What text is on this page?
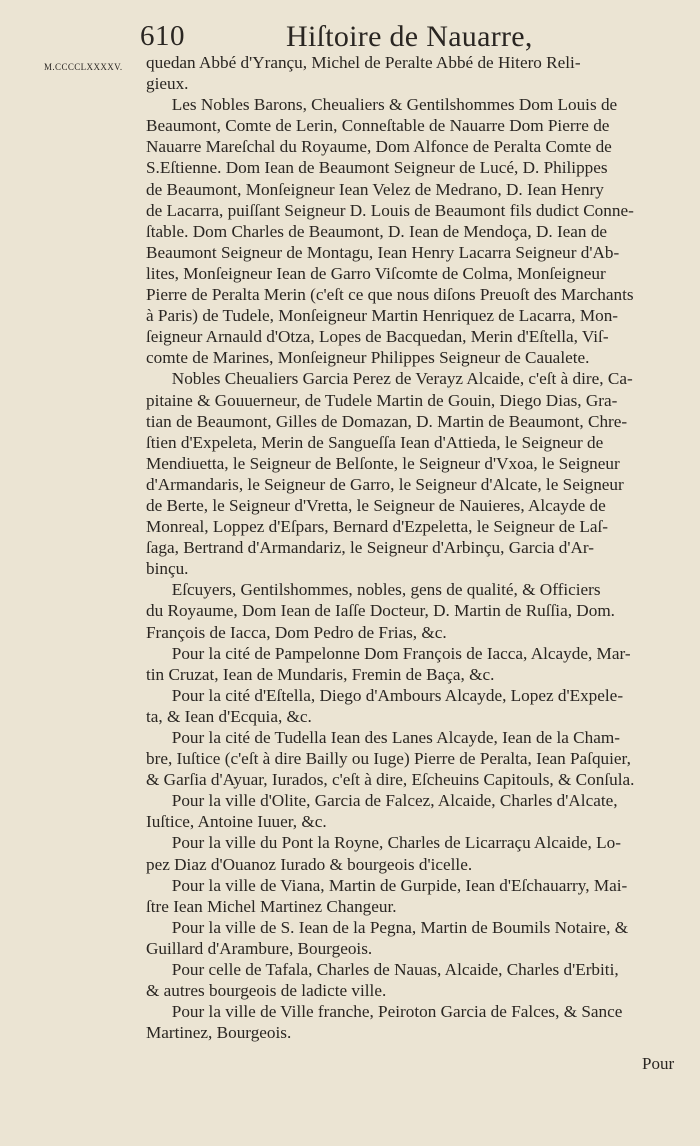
610	Hiſtoire de Nauarre,
M.CCCCLXXXXV. quedan Abbé d'Yrançu, Michel de Peralte Abbé de Hitero Reli-
gieux.
  Les Nobles Barons, Cheualiers & Gentilshommes Dom Louis de
Beaumont, Comte de Lerin, Conneſtable de Nauarre Dom Pierre de
Nauarre Mareſchal du Royaume, Dom Alfonce de Peralta Comte de
S.Eſtienne. Dom Iean de Beaumont Seigneur de Lucé, D. Philippes
de Beaumont, Monſeigneur Iean Velez de Medrano, D. Iean Henry
de Lacarra, puiſſant Seigneur D. Louis de Beaumont fils dudict Conne-
ſtable. Dom Charles de Beaumont, D. Iean de Mendoça, D. Iean de
Beaumont Seigneur de Montagu, Iean Henry Lacarra Seigneur d'Ab-
lites, Monſeigneur Iean de Garro Viſcomte de Colma, Monſeigneur
Pierre de Peralta Merin (c'eſt ce que nous diſons Preuoſt des Marchants
à Paris) de Tudele, Monſeigneur Martin Henriquez de Lacarra, Mon-
ſeigneur Arnauld d'Otza, Lopes de Bacquedan, Merin d'Eſtella, Viſ-
comte de Marines, Monſeigneur Philippes Seigneur de Caualete.
  Nobles Cheualiers Garcia Perez de Verayz Alcaide, c'eſt à dire, Ca-
pitaine & Gouuerneur, de Tudele Martin de Gouin, Diego Dias, Gra-
tian de Beaumont, Gilles de Domazan, D. Martin de Beaumont, Chre-
ſtien d'Expeleta, Merin de Sangueſſa Iean d'Attieda, le Seigneur de
Mendiuetta, le Seigneur de Belſonte, le Seigneur d'Vxoa, le Seigneur
d'Armandaris, le Seigneur de Garro, le Seigneur d'Alcate, le Seigneur
de Berte, le Seigneur d'Vretta, le Seigneur de Nauieres, Alcayde de
Monreal, Loppez d'Eſpars, Bernard d'Ezpeletta, le Seigneur de Laſ-
ſaga, Bertrand d'Armandariz, le Seigneur d'Arbinçu, Garcia d'Ar-
binçu.
  Eſcuyers, Gentilshommes, nobles, gens de qualité, & Officiers
du Royaume, Dom Iean de Iaſſe Docteur, D. Martin de Ruſſia, Dom.
François de Iacca, Dom Pedro de Frias, &c.
  Pour la cité de Pampelonne Dom François de Iacca, Alcayde, Mar-
tin Cruzat, Iean de Mundaris, Fremin de Baça, &c.
  Pour la cité d'Eſtella, Diego d'Ambours Alcayde, Lopez d'Expele-
ta, & Iean d'Ecquia, &c.
  Pour la cité de Tudella Iean des Lanes Alcayde, Iean de la Cham-
bre, Iuſtice (c'eſt à dire Bailly ou Iuge) Pierre de Peralta, Iean Paſquier,
& Garſia d'Ayuar, Iurados, c'eſt à dire, Eſcheuins Capitouls, & Conſula.
  Pour la ville d'Olite, Garcia de Falcez, Alcaide, Charles d'Alcate,
Iuſtice, Antoine Iuuer, &c.
  Pour la ville du Pont la Royne, Charles de Licarraçu Alcaide, Lo-
pez Diaz d'Ouanoz Iurado & bourgeois d'icelle.
  Pour la ville de Viana, Martin de Gurpide, Iean d'Eſchauarry, Mai-
ſtre Iean Michel Martinez Changeur.
  Pour la ville de S. Iean de la Pegna, Martin de Boumils Notaire, &
Guillard d'Arambure, Bourgeois.
  Pour celle de Tafala, Charles de Nauas, Alcaide, Charles d'Erbiti,
& autres bourgeois de ladicte ville.
  Pour la ville de Ville franche, Peiroton Garcia de Falces, & Sance
Martinez, Bourgeois.
Pour
